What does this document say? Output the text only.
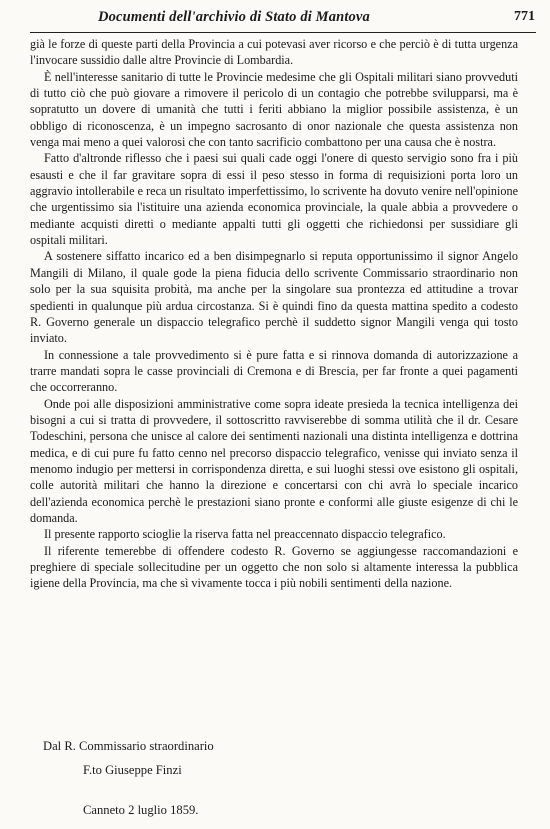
Documenti dell'archivio di Stato di Mantova	771

già le forze di queste parti della Provincia a cui potevasi aver ricorso e che perciò è di tutta urgenza l'invocare sussidio dalle altre Provincie di Lombardia.

È nell'interesse sanitario di tutte le Provincie medesime che gli Ospitali militari siano provveduti di tutto ciò che può giovare a rimovere il pericolo di un contagio che potrebbe svilupparsi, ma è sopratutto un dovere di umanità che tutti i feriti abbiano la miglior possibile assistenza, è un obbligo di riconoscenza, è un impegno sacrosanto di onor nazionale che questa assistenza non venga mai meno a quei valorosi che con tanto sacrificio combattono per una causa che è nostra.

Fatto d'altronde riflesso che i paesi sui quali cade oggi l'onere di questo servigio sono fra i più esausti e che il far gravitare sopra di essi il peso stesso in forma di requisizioni porta loro un aggravio intollerabile e reca un risultato imperfettissimo, lo scrivente ha dovuto venire nell'opinione che urgentissimo sia l'istituire una azienda economica provinciale, la quale abbia a provvedere o mediante acquisti diretti o mediante appalti tutti gli oggetti che richiedonsi per sussidiare gli ospitali militari.

A sostenere siffatto incarico ed a ben disimpegnarlo si reputa opportunissimo il signor Angelo Mangili di Milano, il quale gode la piena fiducia dello scrivente Commissario straordinario non solo per la sua squisita probità, ma anche per la singolare sua prontezza ed attitudine a trovar spedienti in qualunque più ardua circostanza. Si è quindi fino da questa mattina spedito a codesto R. Governo generale un dispaccio telegrafico perchè il suddetto signor Mangili venga qui tosto inviato.

In connessione a tale provvedimento si è pure fatta e si rinnova domanda di autorizzazione a trarre mandati sopra le casse provinciali di Cremona e di Brescia, per far fronte a quei pagamenti che occorreranno.

Onde poi alle disposizioni amministrative come sopra ideate presieda la tecnica intelligenza dei bisogni a cui si tratta di provvedere, il sottoscritto ravviserebbe di somma utilità che il dr. Cesare Todeschini, persona che unisce al calore dei sentimenti nazionali una distinta intelligenza e dottrina medica, e di cui pure fu fatto cenno nel precorso dispaccio telegrafico, venisse qui inviato senza il menomo indugio per mettersi in corrispondenza diretta, e sui luoghi stessi ove esistono gli ospitali, colle autorità militari che hanno la direzione e concertarsi con chi avrà lo speciale incarico dell'azienda economica perchè le prestazioni siano pronte e conformi alle giuste esigenze di chi le domanda.

Il presente rapporto scioglie la riserva fatta nel preaccennato dispaccio telegrafico.

Il riferente temerebbe di offendere codesto R. Governo se aggiungesse raccomandazioni e preghiere di speciale sollecitudine per un oggetto che non solo si altamente interessa la pubblica igiene della Provincia, ma che sì vivamente tocca i più nobili sentimenti della nazione.

Dal R. Commissario straordinario
F.to Giuseppe Finzi
Canneto 2 luglio 1859.
